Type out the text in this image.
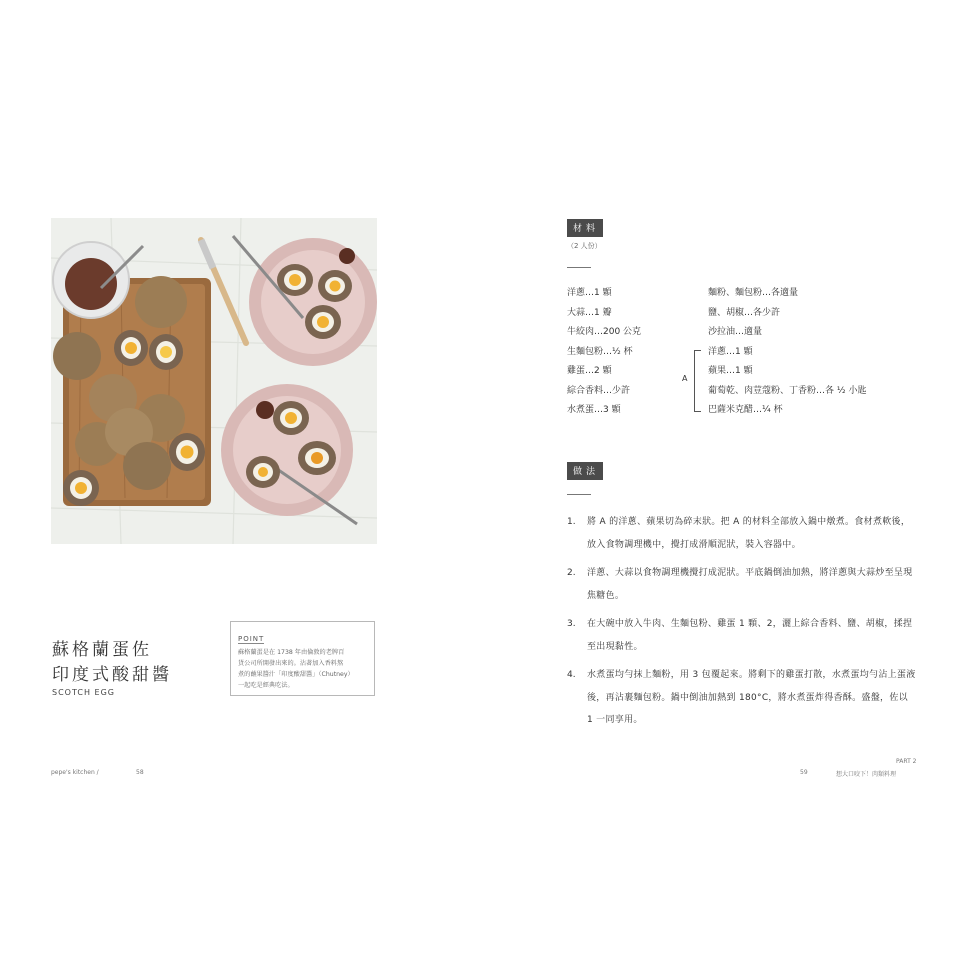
蘇格蘭蛋佐
印度式酸甜醬
SCOTCH EGG
POINT
蘇格蘭蛋是在 1738 年由倫敦的老牌百
貨公司所開發出來的。沾著加入香料熬
煮的蘸果醬汁「印度酸甜醬」（Chutney）
一起吃是經典吃法。
pepe's kitchen /	58
材料
（2 人份）
洋蔥…1 顆
大蒜…1 瓣
牛絞肉…200 公克
生麵包粉…½ 杯
雞蛋…2 顆
綜合香料…少許
水煮蛋…3 顆
麵粉、麵包粉…各適量
鹽、胡椒…各少許
沙拉油…適量
洋蔥…1 顆
蘋果…1 顆
葡萄乾、肉荳蔻粉、丁香粉…各 ½ 小匙
巴薩米克醋…¼ 杯
A
做法
1.	將 A 的洋蔥、蘋果切為碎末狀。把 A 的材料全部放入鍋中燉煮。食材煮軟後，放入食物調理機中，攪打成滑順泥狀，裝入容器中。
2.	洋蔥、大蒜以食物調理機攪打成泥狀。平底鍋倒油加熱，將洋蔥與大蒜炒至呈現焦糖色。
3.	在大碗中放入牛肉、生麵包粉、雞蛋 1 顆、2，灑上綜合香料、鹽、胡椒，揉捏至出現黏性。
4.	水煮蛋均勻抹上麵粉，用 3 包覆起來。將剩下的雞蛋打散，水煮蛋均勻沾上蛋液後，再沾裹麵包粉。鍋中倒油加熱到 180°C，將水煮蛋炸得香酥。盛盤，佐以 1 一同享用。
PART 2
59	想大口咬下！肉類料理
